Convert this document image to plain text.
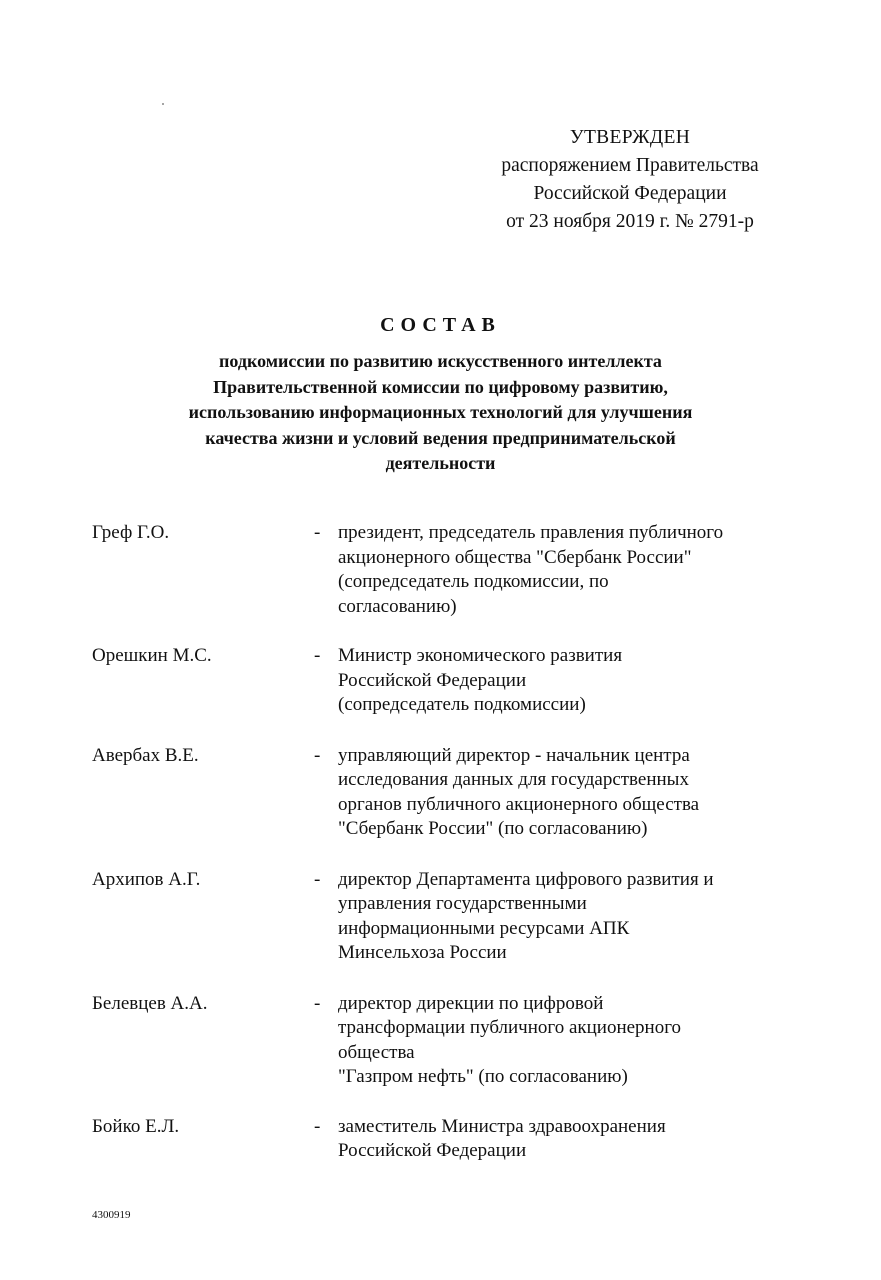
УТВЕРЖДЕН
распоряжением Правительства
Российской Федерации
от 23 ноября 2019 г. № 2791-р
СОСТАВ
подкомиссии по развитию искусственного интеллекта
Правительственной комиссии по цифровому развитию,
использованию информационных технологий для улучшения
качества жизни и условий ведения предпринимательской
деятельности
Греф Г.О.	- президент, председатель правления публичного
акционерного общества "Сбербанк России"
(сопредседатель подкомиссии, по
согласованию)
Орешкин М.С.	- Министр экономического развития
Российской Федерации
(сопредседатель подкомиссии)
Авербах В.Е.	- управляющий директор - начальник центра
исследования данных для государственных
органов публичного акционерного общества
"Сбербанк России" (по согласованию)
Архипов А.Г.	- директор Департамента цифрового развития и
управления государственными
информационными ресурсами АПК
Минсельхоза России
Белевцев А.А.	- директор дирекции по цифровой
трансформации публичного акционерного
общества
"Газпром нефть" (по согласованию)
Бойко Е.Л.	- заместитель Министра здравоохранения
Российской Федерации
4300919
